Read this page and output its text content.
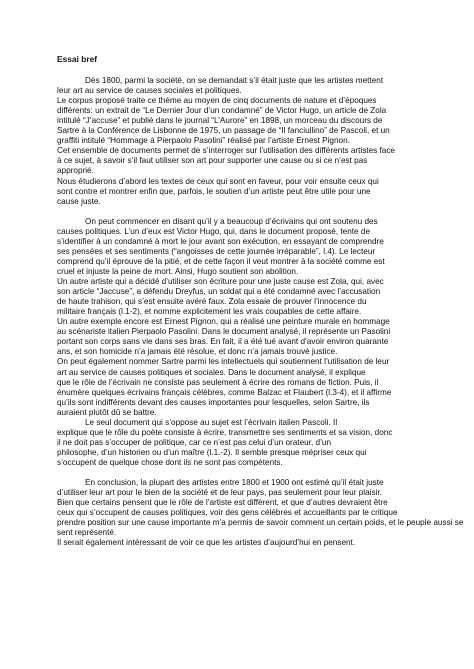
Essai bref
Dès 1800, parmi la société, on se demandait s’il était juste que les artistes mettent
leur art au service de causes sociales et politiques.
Le corpus proposé traite ce thème au moyen de cinq documents de nature et d’époques
différents: un extrait de “Le Dernier Jour d’un condamné” de Victor Hugo, un article de Zola
intitulé “J’accuse” et publié dans le journal “L’Aurore” en 1898, un morceau du discours de
Sartre à la Conférence de Lisbonne de 1975, un passage de “Il fanciullino” de Pascoli, et un
graffiti intitulé “Hommage à Pierpaolo Pasolini” réalisé par l’artiste Ernest Pignon.
Cet ensemble de documents permet de s’interroger sur l’utilisation des différents artistes face
à ce sujet, à savoir s’il faut utiliser son art pour supporter une cause ou si ce n’est pas
approprié.
Nous étudierons d’abord les textes de ceux qui sont en faveur, pour voir ensuite ceux qui
sont contre et montrer enfin que, parfois, le soutien d’un artiste peut être utile pour une
cause juste.
On peut commencer en disant qu’il y a beaucoup d’écrivains qui ont soutenu des
causes politiques. L’un d’eux est Victor Hugo, qui, dans le document proposé, tente de
s’identifier à un condamné à mort le jour avant son exécution, en essayant de comprendre
ses pensées et ses sentiments (“angoisses de cette journée irréparable”, l.4). Le lecteur
comprend qu’il éprouve de la pitié, et de cette façon il veut montrer à la société comme est
cruel et injuste la peine de mort. Ainsi, Hugo soutient son abolition.
Un autre artiste qui a décidé d’utiliser son écriture pour une juste cause est Zola, qui, avec
son article “Jaccuse”, a défendu Dreyfus, un soldat qui a été condamné avec l’accusation
de haute trahison, qui s’est ensuite avéré faux. Zola essaie de prouver l’innocence du
militaire français (l.1-2), et nomme explicitement les vrais coupables de cette affaire.
Un autre exemple encore est Ernest Pignon, qui a réalisé une peinture murale en hommage
au scénariste italien Pierpaolo Pasolini. Dans le document analysé, il représente un Pasolini
portant son corps sans vie dans ses bras. En fait, il a été tué avant d’avoir environ quarante
ans, et son homicide n’a jamais été résolue, et donc n’a jamais trouvé justice.
On peut également nommer Sartre parmi les intellectuels qui soutiennent l’utilisation de leur
art au service de causes politiques et sociales. Dans le document analysé, il explique
que le rôle de l’écrivain ne consiste pas seulement à écrire des romans de fiction. Puis, il
énumère quelques écrivains français célèbres, comme Balzac et Flaubert (l.3-4), et il affirme
qu’ils sont indifférents devant des causes importantes pour lesquelles, selon Sartre, ils
auraient plutôt dû se battre.
Le seul document qui s’oppose au sujet est l’écrivain italien Pascoli. Il
explique que le rôle du poète consiste à écrire, transmettre ses sentiments et sa vision, donc
il ne doit pas s’occuper de politique, car ce n’est pas celui d’un orateur, d’un
philosophe, d’un historien ou d’un maître (l.1.-2). Il semble presque mépriser ceux qui
s’occupent de quelque chose dont ils ne sont pas compétents.
En conclusion, la plupart des artistes entre 1800 et 1900 ont estimé qu’il était juste
d’utiliser leur art pour le bien de la société et de leur pays, pas seulement pour leur plaisir.
Bien que certains pensent que le rôle de l’artiste est différent, et que d’autres devraient être
ceux qui s’occupent de causes politiques, voir des gens célèbres et accueillants par le critique
prendre position sur une cause importante m’a permis de savoir comment un certain poids, et le peuple aussi se
sent représenté.
Il serait également intéressant de voir ce que les artistes d’aujourd’hui en pensent.
